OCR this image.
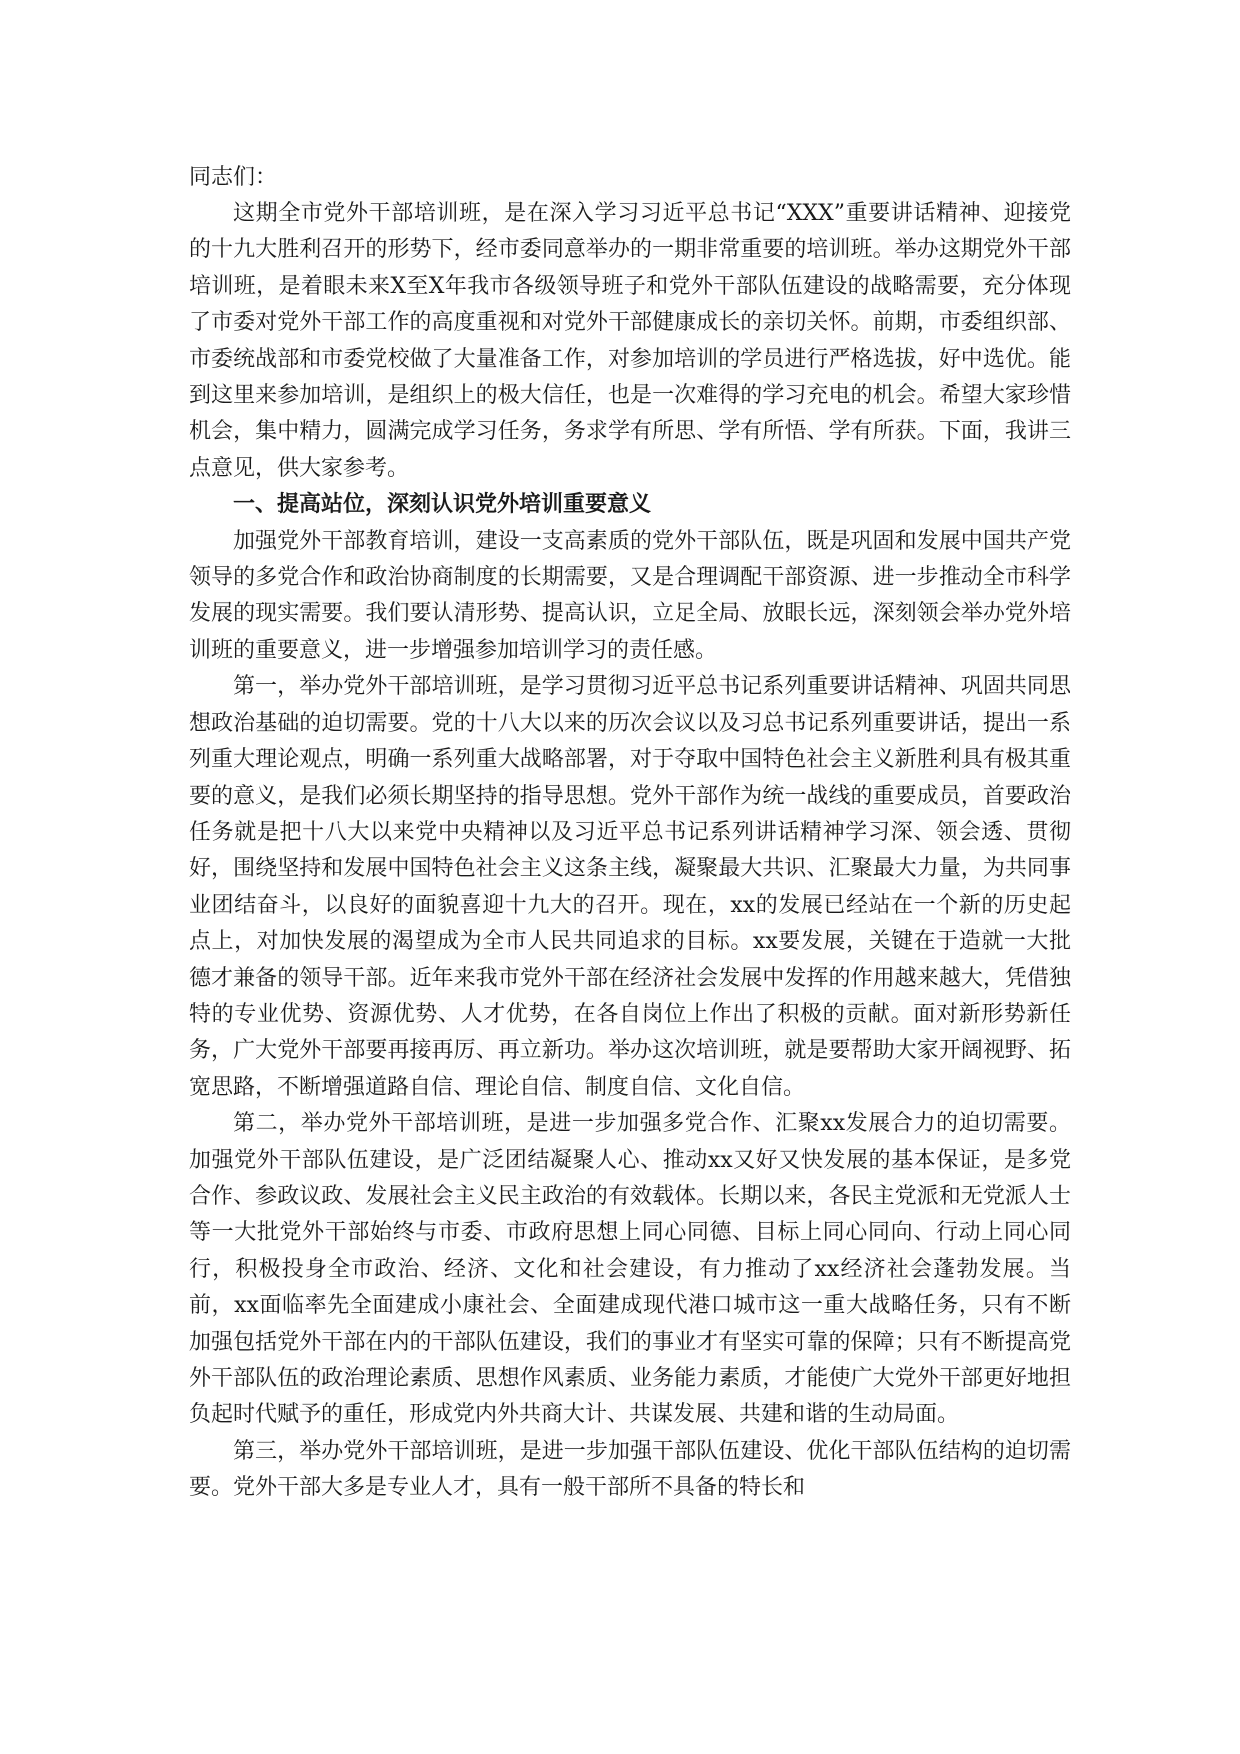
同志们：

这期全市党外干部培训班，是在深入学习习近平总书记“XXX”重要讲话精神、迎接党的十九大胜利召开的形势下，经市委同意举办的一期非常重要的培训班。举办这期党外干部培训班，是着眼未来X至X年我市各级领导班子和党外干部队伍建设的战略需要，充分体现了市委对党外干部工作的高度重视和对党外干部健康成长的亲切关怀。前期，市委组织部、市委统战部和市委党校做了大量准备工作，对参加培训的学员进行严格选拔，好中选优。能到这里来参加培训，是组织上的极大信任，也是一次难得的学习充电的机会。希望大家珍惜机会，集中精力，圆满完成学习任务，务求学有所思、学有所悟、学有所获。下面，我讲三点意见，供大家参考。

一、提高站位，深刻认识党外培训重要意义

加强党外干部教育培训，建设一支高素质的党外干部队伍，既是巩固和发展中国共产党领导的多党合作和政治协商制度的长期需要，又是合理调配干部资源、进一步推动全市科学发展的现实需要。我们要认清形势、提高认识，立足全局、放眼长远，深刻领会举办党外培训班的重要意义，进一步增强参加培训学习的责任感。

第一，举办党外干部培训班，是学习贯彻习近平总书记系列重要讲话精神、巩固共同思想政治基础的迫切需要。党的十八大以来的历次会议以及习总书记系列重要讲话，提出一系列重大理论观点，明确一系列重大战略部署，对于夺取中国特色社会主义新胜利具有极其重要的意义，是我们必须长期坚持的指导思想。党外干部作为统一战线的重要成员，首要政治任务就是把十八大以来党中央精神以及习近平总书记系列讲话精神学习深、领会透、贯彻好，围绕坚持和发展中国特色社会主义这条主线，凝聚最大共识、汇聚最大力量，为共同事业团结奋斗，以良好的面貌喜迎十九大的召开。现在，xx的发展已经站在一个新的历史起点上，对加快发展的渴望成为全市人民共同追求的目标。xx要发展，关键在于造就一大批德才兼备的领导干部。近年来我市党外干部在经济社会发展中发挥的作用越来越大，凭借独特的专业优势、资源优势、人才优势，在各自岗位上作出了积极的贡献。面对新形势新任务，广大党外干部要再接再厉、再立新功。举办这次培训班，就是要帮助大家开阔视野、拓宽思路，不断增强道路自信、理论自信、制度自信、文化自信。

第二，举办党外干部培训班，是进一步加强多党合作、汇聚xx发展合力的迫切需要。加强党外干部队伍建设，是广泛团结凝聚人心、推动xx又好又快发展的基本保证，是多党合作、参政议政、发展社会主义民主政治的有效载体。长期以来，各民主党派和无党派人士等一大批党外干部始终与市委、市政府思想上同心同德、目标上同心同向、行动上同心同行，积极投身全市政治、经济、文化和社会建设，有力推动了xx经济社会蓬勃发展。当前，xx面临率先全面建成小康社会、全面建成现代港口城市这一重大战略任务，只有不断加强包括党外干部在内的干部队伍建设，我们的事业才有坚实可靠的保障；只有不断提高党外干部队伍的政治理论素质、思想作风素质、业务能力素质，才能使广大党外干部更好地担负起时代赋予的重任，形成党内外共商大计、共谋发展、共建和谐的生动局面。

第三，举办党外干部培训班，是进一步加强干部队伍建设、优化干部队伍结构的迫切需要。党外干部大多是专业人才，具有一般干部所不具备的特长和
